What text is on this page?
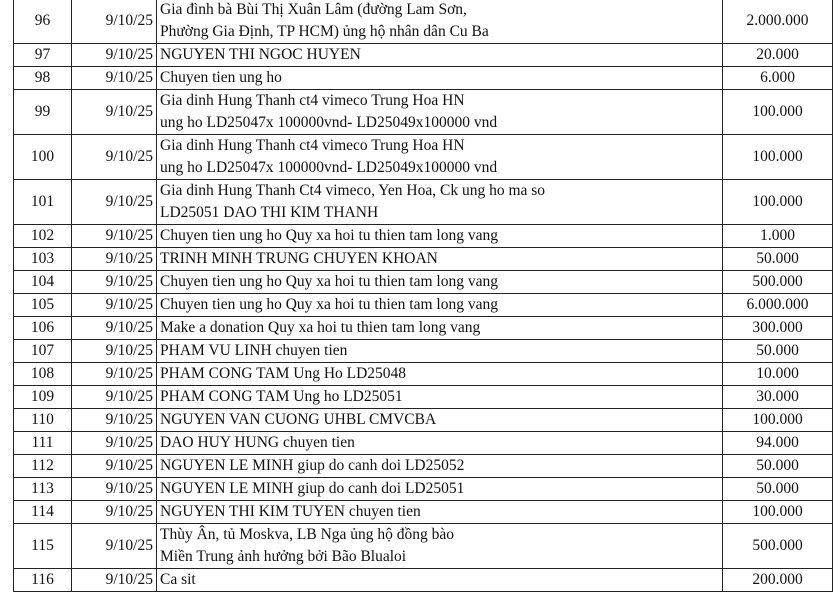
96	9/10/25	Gia đình bà Bùi Thị Xuân Lâm (đường Lam Sơn,
Phường Gia Định, TP HCM) ủng hộ nhân dân Cu Ba	2.000.000
97	9/10/25	NGUYEN THI NGOC HUYEN	20.000
98	9/10/25	Chuyen tien ung ho	6.000
99	9/10/25	Gia dinh Hung Thanh ct4 vimeco Trung Hoa HN
ung ho LD25047x 100000vnd- LD25049x100000 vnd	100.000
100	9/10/25	Gia dinh Hung Thanh ct4 vimeco Trung Hoa HN
ung ho LD25047x 100000vnd- LD25049x100000 vnd	100.000
101	9/10/25	Gia dinh Hung Thanh Ct4 vimeco, Yen Hoa, Ck ung ho ma so
LD25051 DAO THI KIM THANH	100.000
102	9/10/25	Chuyen tien ung ho Quy xa hoi tu thien tam long vang	1.000
103	9/10/25	TRINH MINH TRUNG CHUYEN KHOAN	50.000
104	9/10/25	Chuyen tien ung ho Quy xa hoi tu thien tam long vang	500.000
105	9/10/25	Chuyen tien ung ho Quy xa hoi tu thien tam long vang	6.000.000
106	9/10/25	Make a donation Quy xa hoi tu thien tam long vang	300.000
107	9/10/25	PHAM VU LINH chuyen tien	50.000
108	9/10/25	PHAM CONG TAM Ung Ho LD25048	10.000
109	9/10/25	PHAM CONG TAM Ung ho LD25051	30.000
110	9/10/25	NGUYEN VAN CUONG UHBL CMVCBA	100.000
111	9/10/25	DAO HUY HUNG chuyen tien	94.000
112	9/10/25	NGUYEN LE MINH giup do canh doi LD25052	50.000
113	9/10/25	NGUYEN LE MINH giup do canh doi LD25051	50.000
114	9/10/25	NGUYEN THI KIM TUYEN chuyen tien	100.000
115	9/10/25	Thùy Ân, tủ Moskva, LB Nga ủng hộ đồng bào
Miền Trung ảnh hưởng bởi Bão Blualoi	500.000
116	9/10/25	Ca sit	200.000
